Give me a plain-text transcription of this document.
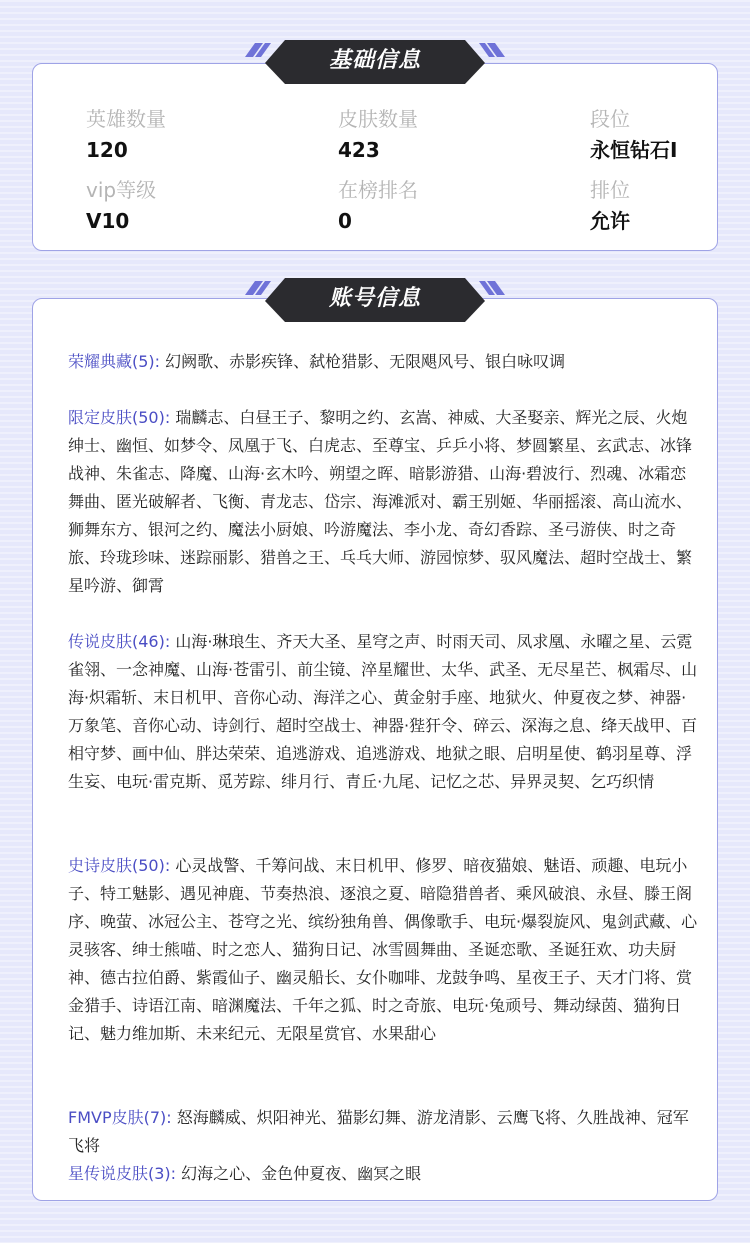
基础信息
英雄数量
120
皮肤数量
423
段位
永恒钻石I
vip等级
V10
在榜排名
0
排位
允许
账号信息
荣耀典藏(5): 幻阙歌、赤影疾锋、弑枪猎影、无限飓风号、银白咏叹调
限定皮肤(50): 瑞麟志、白昼王子、黎明之约、玄嵩、神威、大圣娶亲、辉光之辰、火炮绅士、幽恒、如梦令、凤凰于飞、白虎志、至尊宝、乒乒小将、梦圆繁星、玄武志、冰锋战神、朱雀志、降魔、山海·玄木吟、朔望之晖、暗影游猎、山海·碧波行、烈魂、冰霜恋舞曲、匿光破解者、飞衡、青龙志、岱宗、海滩派对、霸王别姬、华丽摇滚、高山流水、狮舞东方、银河之约、魔法小厨娘、吟游魔法、李小龙、奇幻香踪、圣弓游侠、时之奇旅、玲珑珍味、迷踪丽影、猎兽之王、乓乓大师、游园惊梦、驭风魔法、超时空战士、繁星吟游、御霄
传说皮肤(46): 山海·琳琅生、齐天大圣、星穹之声、时雨天司、凤求凰、永曜之星、云霓雀翎、一念神魔、山海·苍雷引、前尘镜、淬星耀世、太华、武圣、无尽星芒、枫霜尽、山海·炽霜斩、末日机甲、音你心动、海洋之心、黄金射手座、地狱火、仲夏夜之梦、神器·万象笔、音你心动、诗剑行、超时空战士、神器·狴犴令、碎云、深海之息、绛天战甲、百相守梦、画中仙、胖达荣荣、追逃游戏、追逃游戏、地狱之眼、启明星使、鹤羽星尊、浮生妄、电玩·雷克斯、觅芳踪、绯月行、青丘·九尾、记忆之芯、异界灵契、乞巧织情
史诗皮肤(50): 心灵战警、千筹问战、末日机甲、修罗、暗夜猫娘、魅语、顽趣、电玩小子、特工魅影、遇见神鹿、节奏热浪、逐浪之夏、暗隐猎兽者、乘风破浪、永昼、滕王阁序、晚萤、冰冠公主、苍穹之光、缤纷独角兽、偶像歌手、电玩·爆裂旋风、鬼剑武藏、心灵骇客、绅士熊喵、时之恋人、猫狗日记、冰雪圆舞曲、圣诞恋歌、圣诞狂欢、功夫厨神、德古拉伯爵、紫霞仙子、幽灵船长、女仆咖啡、龙鼓争鸣、星夜王子、天才门将、赏金猎手、诗语江南、暗渊魔法、千年之狐、时之奇旅、电玩·兔顽号、舞动绿茵、猫狗日记、魅力维加斯、未来纪元、无限星赏官、水果甜心
FMVP皮肤(7): 怒海麟威、炽阳神光、猫影幻舞、游龙清影、云鹰飞将、久胜战神、冠军飞将
星传说皮肤(3): 幻海之心、金色仲夏夜、幽冥之眼
